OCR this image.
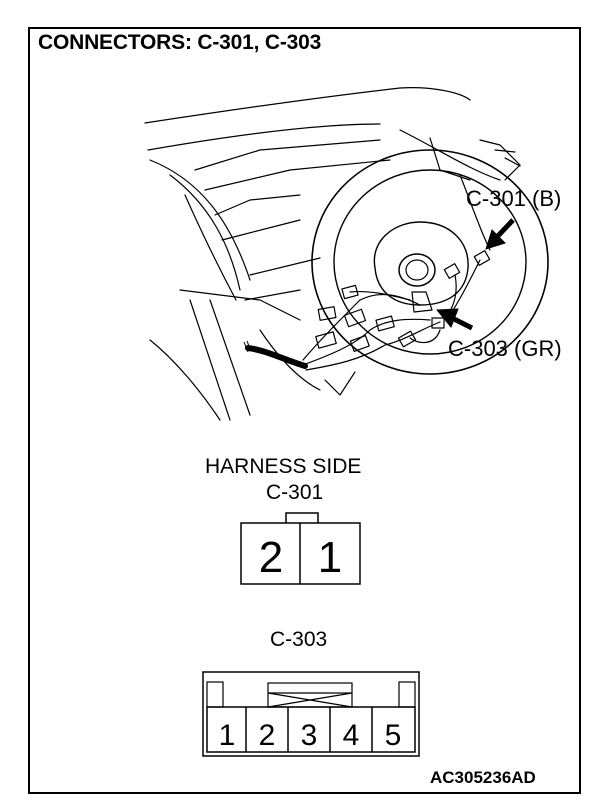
CONNECTORS: C-301, C-303
2 1
1 2 3 4 5
C-301 (B)
C-303 (GR)
HARNESS SIDE
C-301
C-303
AC305236AD
